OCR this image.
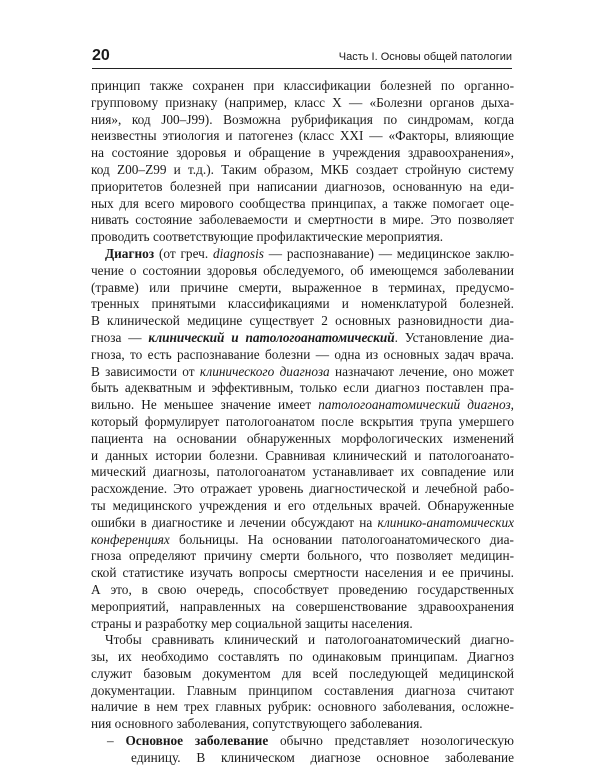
20	Часть I. Основы общей патологии
принцип также сохранен при классификации болезней по органно-
групповому признаку (например, класс X — «Болезни органов дыха-
ния», код J00–J99). Возможна рубрификация по синдромам, когда
неизвестны этиология и патогенез (класс XXI — «Факторы, влияющие
на состояние здоровья и обращение в учреждения здравоохранения»,
код Z00–Z99 и т.д.). Таким образом, МКБ создает стройную систему
приоритетов болезней при написании диагнозов, основанную на еди-
ных для всего мирового сообщества принципах, а также помогает оце-
нивать состояние заболеваемости и смертности в мире. Это позволяет
проводить соответствующие профилактические мероприятия.
Диагноз (от греч. diagnosis — распознавание) — медицинское заклю-
чение о состоянии здоровья обследуемого, об имеющемся заболевании
(травме) или причине смерти, выраженное в терминах, предусмо-
тренных принятыми классификациями и номенклатурой болезней.
В клинической медицине существует 2 основных разновидности диа-
гноза — клинический и патологоанатомический. Установление диа-
гноза, то есть распознавание болезни — одна из основных задач врача.
В зависимости от клинического диагноза назначают лечение, оно может
быть адекватным и эффективным, только если диагноз поставлен пра-
вильно. Не меньшее значение имеет патологоанатомический диагноз,
который формулирует патологоанатом после вскрытия трупа умершего
пациента на основании обнаруженных морфологических изменений
и данных истории болезни. Сравнивая клинический и патологоанато-
мический диагнозы, патологоанатом устанавливает их совпадение или
расхождение. Это отражает уровень диагностической и лечебной рабо-
ты медицинского учреждения и его отдельных врачей. Обнаруженные
ошибки в диагностике и лечении обсуждают на клинико-анатомических
конференциях больницы. На основании патологоанатомического диа-
гноза определяют причину смерти больного, что позволяет медицин-
ской статистике изучать вопросы смертности населения и ее причины.
А это, в свою очередь, способствует проведению государственных
мероприятий, направленных на совершенствование здравоохранения
страны и разработку мер социальной защиты населения.
Чтобы сравнивать клинический и патологоанатомический диагно-
зы, их необходимо составлять по одинаковым принципам. Диагноз
служит базовым документом для всей последующей медицинской
документации. Главным принципом составления диагноза считают
наличие в нем трех главных рубрик: основного заболевания, осложне-
ния основного заболевания, сопутствующего заболевания.
– Основное заболевание обычно представляет нозологическую
единицу. В клиническом диагнозе основное заболевание
